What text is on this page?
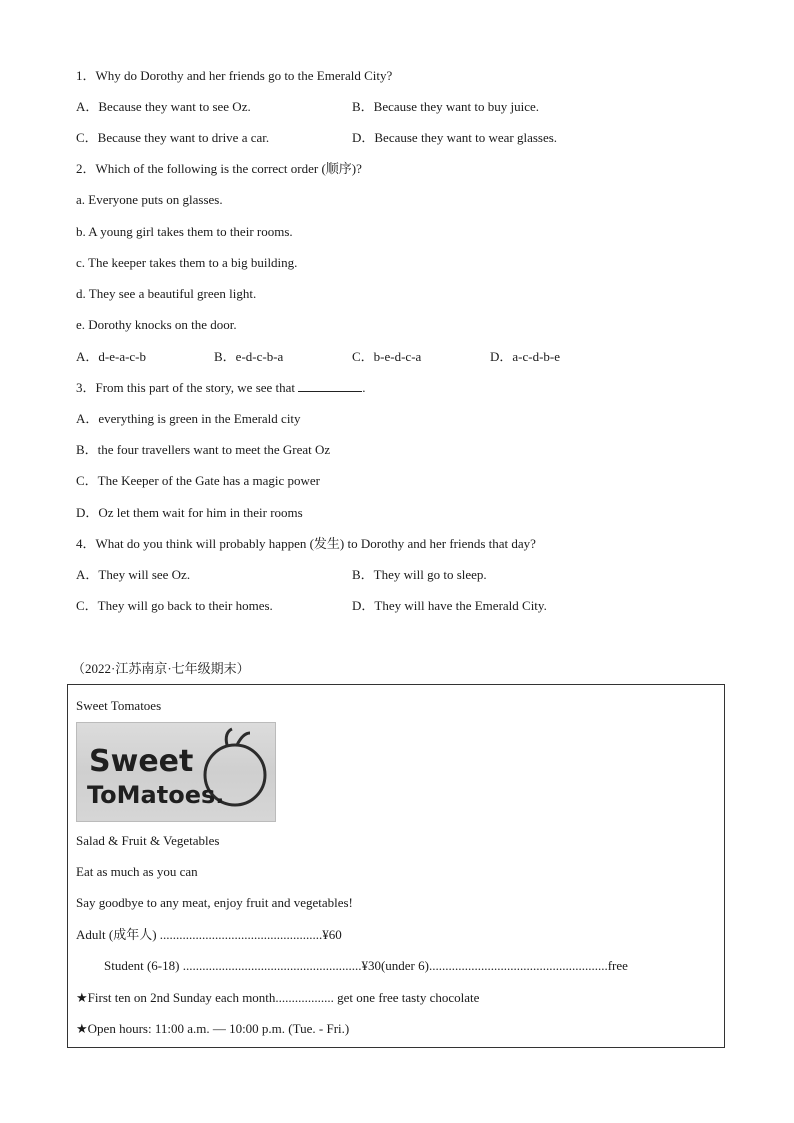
1．Why do Dorothy and her friends go to the Emerald City?
A．Because they want to see Oz.	B．Because they want to buy juice.
C．Because they want to drive a car.	D．Because they want to wear glasses.
2．Which of the following is the correct order (顺序)?
a. Everyone puts on glasses.
b. A young girl takes them to their rooms.
c. The keeper takes them to a big building.
d. They see a beautiful green light.
e. Dorothy knocks on the door.
A．d-e-a-c-b	B．e-d-c-b-a	C．b-e-d-c-a	D．a-c-d-b-e
3．From this part of the story, we see that	.
A．everything is green in the Emerald city
B．the four travellers want to meet the Great Oz
C．The Keeper of the Gate has a magic power
D．Oz let them wait for him in their rooms
4．What do you think will probably happen (发生) to Dorothy and her friends that day?
A．They will see Oz.	B．They will go to sleep.
C．They will go back to their homes.	D．They will have the Emerald City.
（2022·江苏南京·七年级期末）
Sweet Tomatoes
Sweet
ToMatoes.
Salad & Fruit & Vegetables
Eat as much as you can
Say goodbye to any meat, enjoy fruit and vegetables!
Adult (成年人) ..................................................¥60
Student (6-18) .......................................................¥30(under 6).......................................................free
★First ten on 2nd Sunday each month.................. get one free tasty chocolate
★Open hours: 11:00 a.m. — 10:00 p.m. (Tue. - Fri.)
